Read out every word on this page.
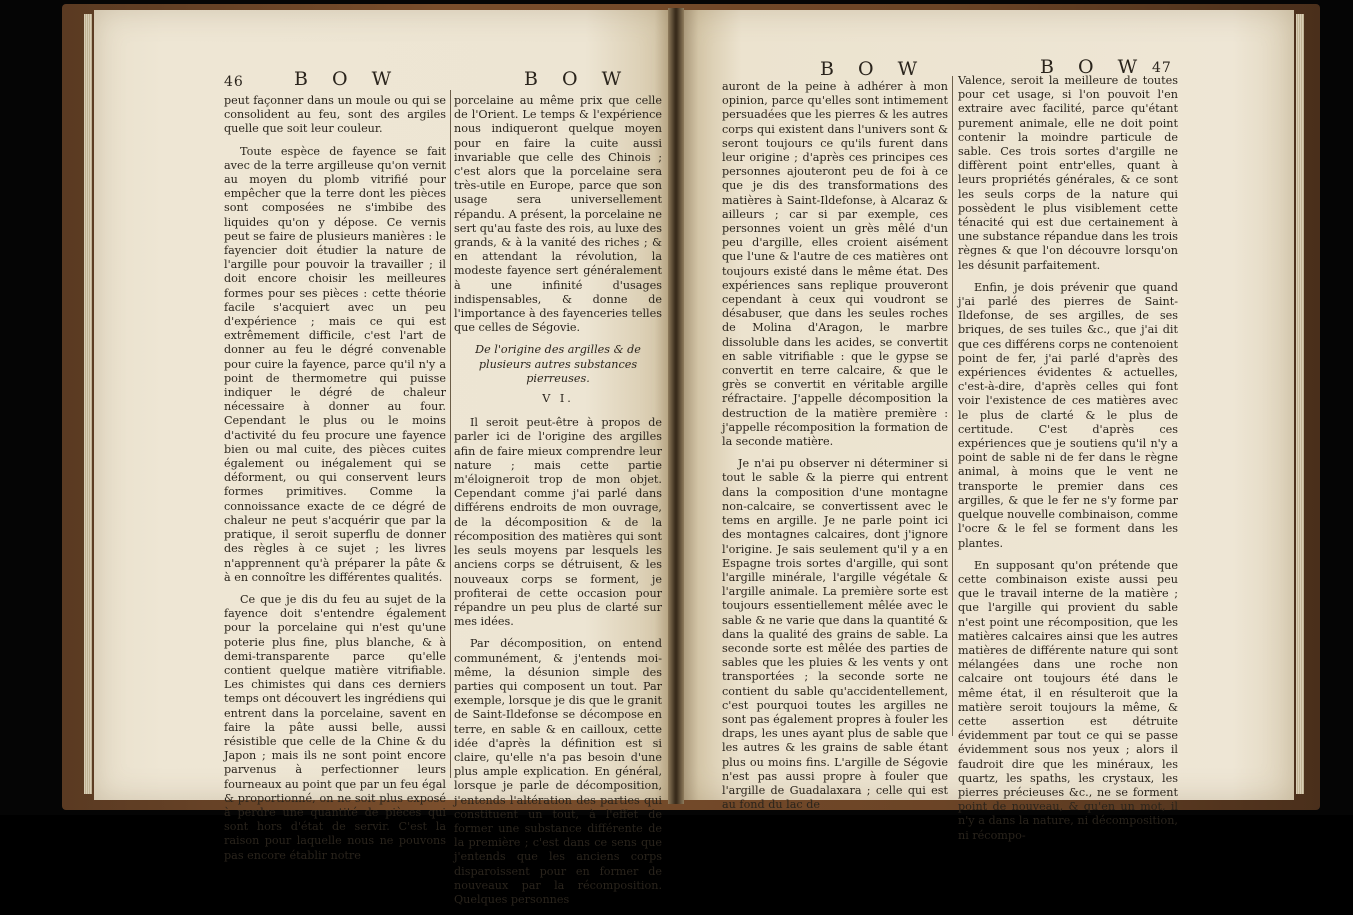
46	B O W	B O W

peut façonner dans un moule ou qui se consolident au feu, sont des argiles quelle que soit leur couleur.

Toute espèce de fayence se fait avec de la terre argilleuse qu'on vernit au moyen du plomb vitrifié pour empêcher que la terre dont les pièces sont composées ne s'imbibe des liquides qu'on y dépose. Ce vernis peut se faire de plusieurs manières : le fayencier doit étudier la nature de l'argille pour pouvoir la travailler ; il doit encore choisir les meilleures formes pour ses pièces : cette théorie facile s'acquiert avec un peu d'expérience ; mais ce qui est extrêmement difficile, c'est l'art de donner au feu le dégré convenable pour cuire la fayence, parce qu'il n'y a point de thermometre qui puisse indiquer le dégré de chaleur nécessaire à donner au four. Cependant le plus ou le moins d'activité du feu procure une fayence bien ou mal cuite, des pièces cuites également ou inégalement qui se déforment, ou qui conservent leurs formes primitives. Comme la connoissance exacte de ce dégré de chaleur ne peut s'acquérir que par la pratique, il seroit superflu de donner des règles à ce sujet ; les livres n'apprennent qu'à préparer la pâte & à en connoître les différentes qualités.

Ce que je dis du feu au sujet de la fayence doit s'entendre également pour la porcelaine qui n'est qu'une poterie plus fine, plus blanche, & à demi-transparente parce qu'elle contient quelque matière vitrifiable. Les chimistes qui dans ces derniers temps ont découvert les ingrédiens qui entrent dans la porcelaine, savent en faire la pâte aussi belle, aussi résistible que celle de la Chine & du Japon ; mais ils ne sont point encore parvenus à perfectionner leurs fourneaux au point que par un feu égal & proportionné, on ne soit plus exposé à perdre une quantité de pièces qui sont hors d'état de servir. C'est la raison pour laquelle nous ne pouvons pas encore établir notre

porcelaine au même prix que celle de l'Orient. Le temps & l'expérience nous indiqueront quelque moyen pour en faire la cuite aussi invariable que celle des Chinois ; c'est alors que la porcelaine sera très-utile en Europe, parce que son usage sera universellement répandu. A présent, la porcelaine ne sert qu'au faste des rois, au luxe des grands, & à la vanité des riches ; & en attendant la révolution, la modeste fayence sert généralement à une infinité d'usages indispensables, & donne de l'importance à des fayenceries telles que celles de Ségovie.

De l'origine des argilles & de plusieurs autres substances pierreuses.

V I.

Il seroit peut-être à propos de parler ici de l'origine des argilles afin de faire mieux comprendre leur nature ; mais cette partie m'éloigneroit trop de mon objet. Cependant comme j'ai parlé dans différens endroits de mon ouvrage, de la décomposition & de la récomposition des matières qui sont les seuls moyens par lesquels les anciens corps se détruisent, & les nouveaux corps se forment, je profiterai de cette occasion pour répandre un peu plus de clarté sur mes idées.

Par décomposition, on entend communément, & j'entends moi-même, la désunion simple des parties qui composent un tout. Par exemple, lorsque je dis que le granit de Saint-Ildefonse se décompose en terre, en sable & en cailloux, cette idée d'après la définition est si claire, qu'elle n'a pas besoin d'une plus ample explication. En général, lorsque je parle de décomposition, j'entends l'altération des parties qui constituent un tout, à l'effet de former une substance différente de la première ; c'est dans ce sens que j'entends que les anciens corps disparoissent pour en former de nouveaux par la récomposition. Quelques personnes

B O W	B O W 47

auront de la peine à adhérer à mon opinion, parce qu'elles sont intimement persuadées que les pierres & les autres corps qui existent dans l'univers sont & seront toujours ce qu'ils furent dans leur origine ; d'après ces principes ces personnes ajouteront peu de foi à ce que je dis des transformations des matières à Saint-Ildefonse, à Alcaraz & ailleurs ; car si par exemple, ces personnes voient un grès mêlé d'un peu d'argille, elles croient aisément que l'une & l'autre de ces matières ont toujours existé dans le même état. Des expériences sans replique prouveront cependant à ceux qui voudront se désabuser, que dans les seules roches de Molina d'Aragon, le marbre dissoluble dans les acides, se convertit en sable vitrifiable : que le gypse se convertit en terre calcaire, & que le grès se convertit en véritable argille réfractaire. J'appelle décomposition la destruction de la matière première : j'appelle récomposition la formation de la seconde matière.

Je n'ai pu observer ni déterminer si tout le sable & la pierre qui entrent dans la composition d'une montagne non-calcaire, se convertissent avec le tems en argille. Je ne parle point ici des montagnes calcaires, dont j'ignore l'origine. Je sais seulement qu'il y a en Espagne trois sortes d'argille, qui sont l'argille minérale, l'argille végétale & l'argille animale. La première sorte est toujours essentiellement mêlée avec le sable & ne varie que dans la quantité & dans la qualité des grains de sable. La seconde sorte est mêlée des parties de sables que les pluies & les vents y ont transportées ; la seconde sorte ne contient du sable qu'accidentellement, c'est pourquoi toutes les argilles ne sont pas également propres à fouler les draps, les unes ayant plus de sable que les autres & les grains de sable étant plus ou moins fins. L'argille de Ségovie n'est pas aussi propre à fouler que l'argille de Guadalaxara ; celle qui est au fond du lac de

Valence, seroit la meilleure de toutes pour cet usage, si l'on pouvoit l'en extraire avec facilité, parce qu'étant purement animale, elle ne doit point contenir la moindre particule de sable. Ces trois sortes d'argille ne diffèrent point entr'elles, quant à leurs propriétés générales, & ce sont les seuls corps de la nature qui possèdent le plus visiblement cette ténacité qui est due certainement à une substance répandue dans les trois règnes & que l'on découvre lorsqu'on les désunit parfaitement.

Enfin, je dois prévenir que quand j'ai parlé des pierres de Saint-Ildefonse, de ses argilles, de ses briques, de ses tuiles &c., que j'ai dit que ces différens corps ne contenoient point de fer, j'ai parlé d'après des expériences évidentes & actuelles, c'est-à-dire, d'après celles qui font voir l'existence de ces matières avec le plus de clarté & le plus de certitude. C'est d'après ces expériences que je soutiens qu'il n'y a point de sable ni de fer dans le règne animal, à moins que le vent ne transporte le premier dans ces argilles, & que le fer ne s'y forme par quelque nouvelle combinaison, comme l'ocre & le fel se forment dans les plantes.

En supposant qu'on prétende que cette combinaison existe aussi peu que le travail interne de la matière ; que l'argille qui provient du sable n'est point une récomposition, que les matières calcaires ainsi que les autres matières de différente nature qui sont mélangées dans une roche non calcaire ont toujours été dans le même état, il en résulteroit que la matière seroit toujours la même, & cette assertion est détruite évidemment par tout ce qui se passe évidemment sous nos yeux ; alors il faudroit dire que les minéraux, les quartz, les spaths, les crystaux, les pierres précieuses &c., ne se forment point de nouveau, & qu'en un mot, il n'y a dans la nature, ni décomposition, ni récompo-
